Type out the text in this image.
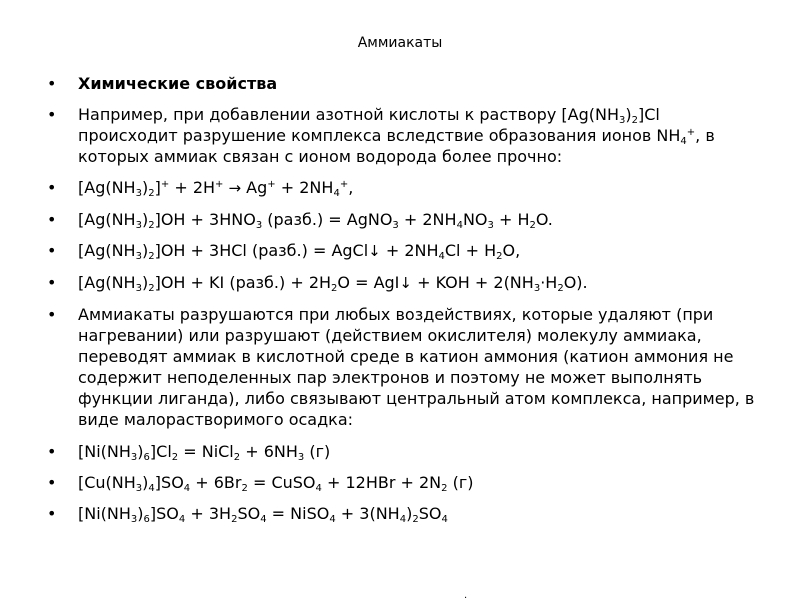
Аммиакаты
• Химические свойства
• Например, при добавлении азотной кислоты к раствору $[Ag(NH_3)_2]Cl$ происходит разрушение комплекса вследствие образования ионов $NH_4^+$, в которых аммиак связан с ионом водорода более прочно:
• $[Ag(NH_3)_2]^+ + 2H^+ \to Ag^+ + 2NH_4^+$,
• $[Ag(NH_3)_2]OH + 3HNO_3$ (разб.) = AgNO$_3$ + $2NH_4NO_3 + H_2O$.
• $[Ag(NH_3)_2]OH + 3HCl$ (разб.) = AgCl↓ + $2NH_4Cl + H_2O$,
• $[Ag(NH_3)_2]OH$ + KI (разб.) + $2H_2O$ = AgI↓ + KOH + $2(NH_3\cdot H_2O)$.
• Аммиакаты разрушаются при любых воздействиях, которые удаляют (при нагревании) или разрушают (действием окислителя) молекулу аммиака, переводят аммиак в кислотной среде в катион аммония (катион аммония не содержит неподеленных пар электронов и поэтому не может выполнять функции лиганда), либо связывают центральный атом комплекса, например, в виде малорастворимого осадка:
• $[Ni(NH_3)_6]Cl_2$ = NiCl$_2$ + $6NH_3$ (г)
• $[Cu(NH_3)_4]SO_4 + 6Br_2$ = CuSO$_4$ + $12HBr + 2N_2$ (г)
• $[Ni(NH_3)_6]SO_4 + 3H_2SO_4$ = NiSO$_4$ + $3(NH_4)_2SO_4$
·
